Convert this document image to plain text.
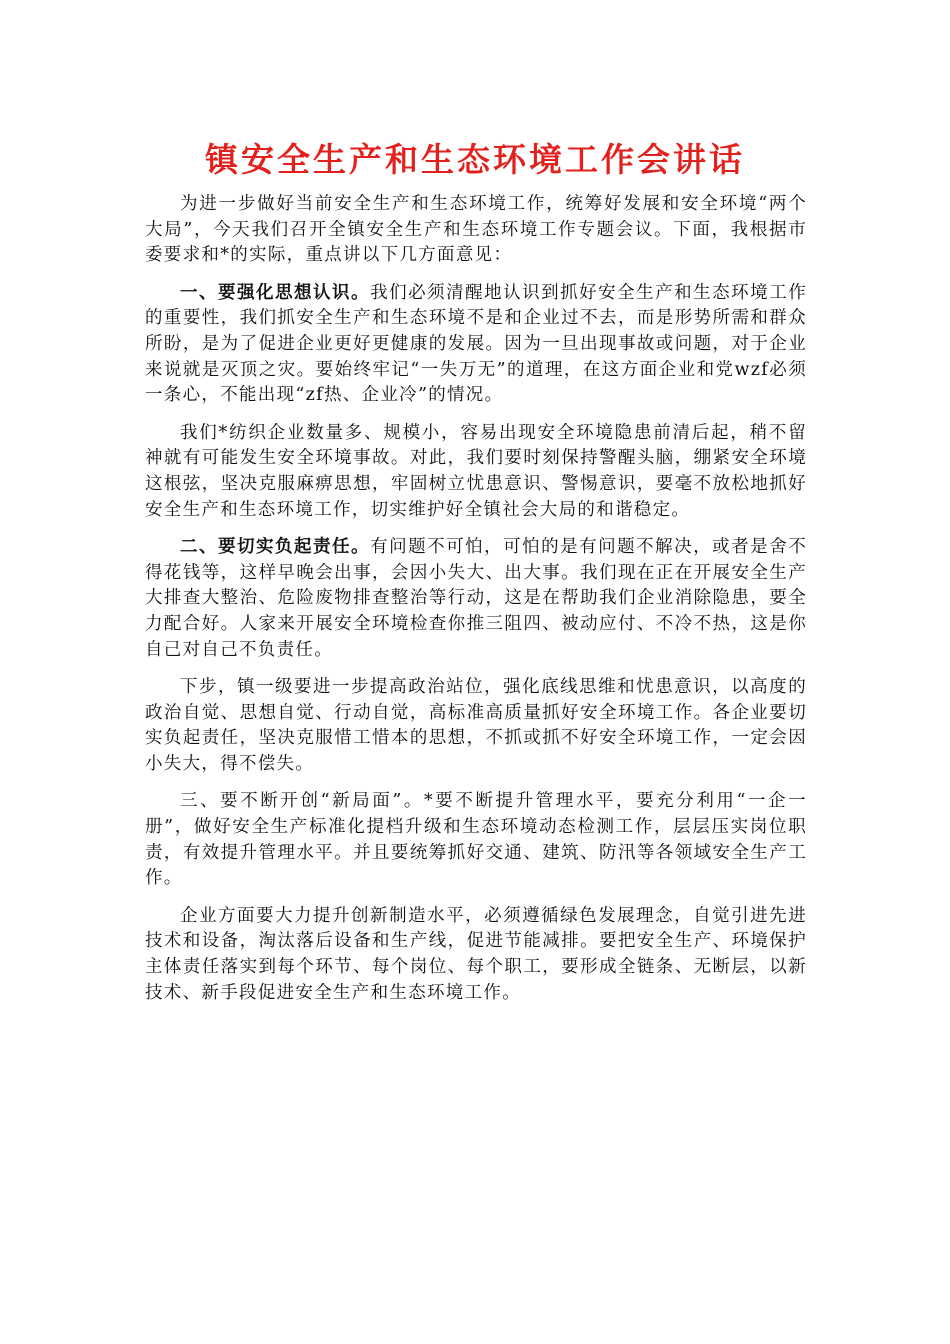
镇安全生产和生态环境工作会讲话

为进一步做好当前安全生产和生态环境工作，统筹好发展和安全环境“两个大局”，今天我们召开全镇安全生产和生态环境工作专题会议。下面，我根据市委要求和*的实际，重点讲以下几方面意见：

一、要强化思想认识。我们必须清醒地认识到抓好安全生产和生态环境工作的重要性，我们抓安全生产和生态环境不是和企业过不去，而是形势所需和群众所盼，是为了促进企业更好更健康的发展。因为一旦出现事故或问题，对于企业来说就是灭顶之灾。要始终牢记“一失万无”的道理，在这方面企业和党wzf必须一条心，不能出现“zf热、企业冷”的情况。

我们*纺织企业数量多、规模小，容易出现安全环境隐患前清后起，稍不留神就有可能发生安全环境事故。对此，我们要时刻保持警醒头脑，绷紧安全环境这根弦，坚决克服麻痹思想，牢固树立忧患意识、警惕意识，要毫不放松地抓好安全生产和生态环境工作，切实维护好全镇社会大局的和谐稳定。

二、要切实负起责任。有问题不可怕，可怕的是有问题不解决，或者是舍不得花钱等，这样早晚会出事，会因小失大、出大事。我们现在正在开展安全生产大排查大整治、危险废物排查整治等行动，这是在帮助我们企业消除隐患，要全力配合好。人家来开展安全环境检查你推三阻四、被动应付、不冷不热，这是你自己对自己不负责任。

下步，镇一级要进一步提高政治站位，强化底线思维和忧患意识，以高度的政治自觉、思想自觉、行动自觉，高标准高质量抓好安全环境工作。各企业要切实负起责任，坚决克服惜工惜本的思想，不抓或抓不好安全环境工作，一定会因小失大，得不偿失。

三、要不断开创“新局面”。*要不断提升管理水平，要充分利用“一企一册”，做好安全生产标准化提档升级和生态环境动态检测工作，层层压实岗位职责，有效提升管理水平。并且要统筹抓好交通、建筑、防汛等各领域安全生产工作。

企业方面要大力提升创新制造水平，必须遵循绿色发展理念，自觉引进先进技术和设备，淘汰落后设备和生产线，促进节能减排。要把安全生产、环境保护主体责任落实到每个环节、每个岗位、每个职工，要形成全链条、无断层，以新技术、新手段促进安全生产和生态环境工作。
